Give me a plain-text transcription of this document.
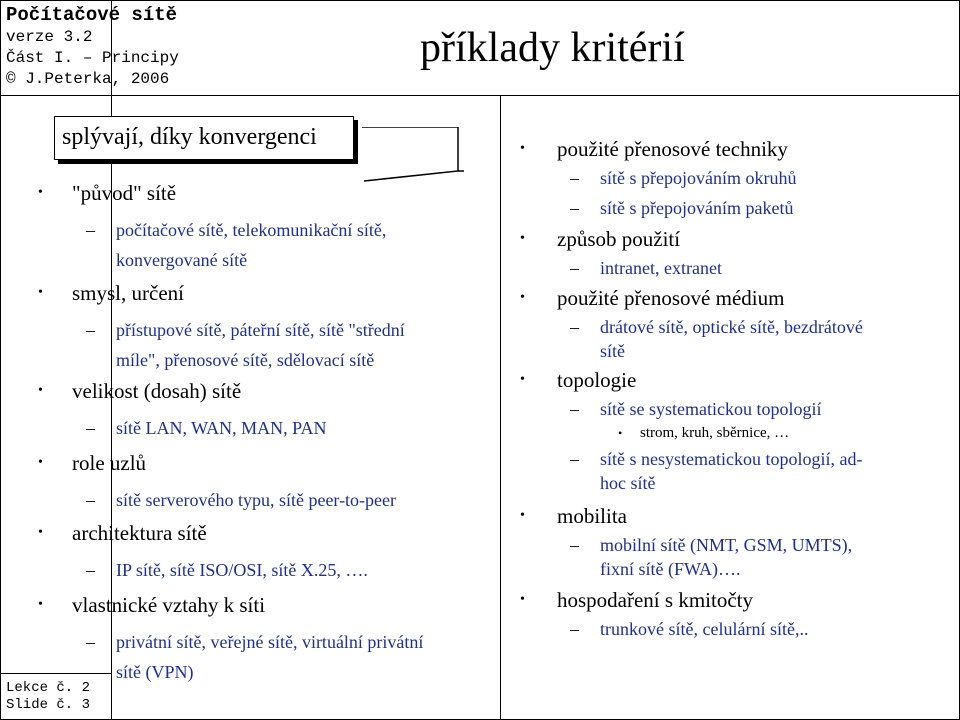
Počítačové sítě
verze 3.2
Část I. – Principy
© J.Peterka, 2006
příklady kritérií
Lekce č. 2
Slide č. 3
splývají, díky konvergenci
• "původ" sítě
– počítačové sítě, telekomunikační sítě,
konvergované sítě
• smysl, určení
– přístupové sítě, páteřní sítě, sítě "střední
míle", přenosové sítě, sdělovací sítě
• velikost (dosah) sítě
– sítě LAN, WAN, MAN, PAN
• role uzlů
– sítě serverového typu, sítě peer-to-peer
• architektura sítě
– IP sítě, sítě ISO/OSI, sítě X.25, ….
• vlastnické vztahy k síti
– privátní sítě, veřejné sítě, virtuální privátní
sítě (VPN)
• použité přenosové techniky
– sítě s přepojováním okruhů
– sítě s přepojováním paketů
• způsob použití
– intranet, extranet
• použité přenosové médium
– drátové sítě, optické sítě, bezdrátové
sítě
• topologie
– sítě se systematickou topologií
• strom, kruh, sběrnice, …
– sítě s nesystematickou topologií, ad-
hoc sítě
• mobilita
– mobilní sítě (NMT, GSM, UMTS),
fixní sítě (FWA)….
• hospodaření s kmitočty
– trunkové sítě, celulární sítě,..
